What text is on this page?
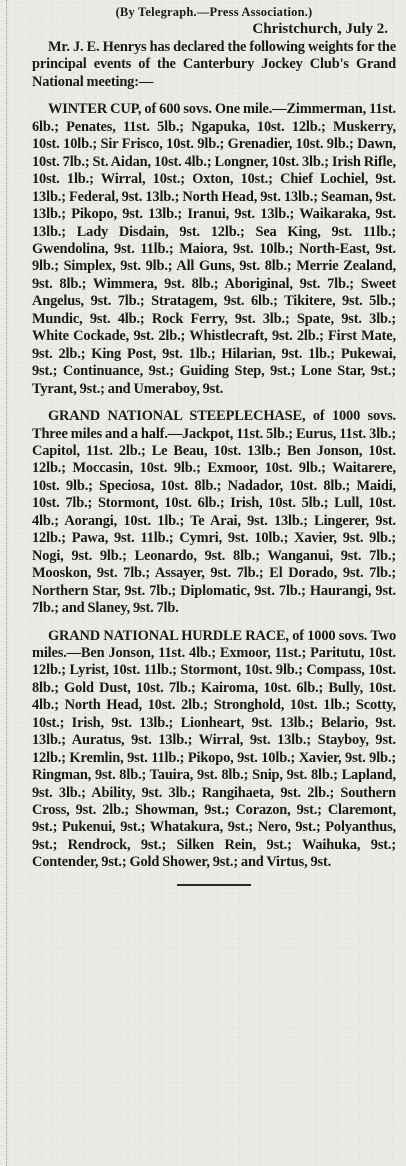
(By Telegraph.—Press Association.)
Christchurch, July 2.

Mr. J. E. Henrys has declared the following weights for the principal events of the Canterbury Jockey Club's Grand National meeting:—

WINTER CUP, of 600 sovs. One mile.—Zimmerman, 11st. 6lb.; Penates, 11st. 5lb.; Ngapuka, 10st. 12lb.; Muskerry, 10st. 10lb.; Sir Frisco, 10st. 9lb.; Grenadier, 10st. 9lb.; Dawn, 10st. 7lb.; St. Aidan, 10st. 4lb.; Longner, 10st. 3lb.; Irish Rifle, 10st. 1lb.; Wirral, 10st.; Oxton, 10st.; Chief Lochiel, 9st. 13lb.; Federal, 9st. 13lb.; North Head, 9st. 13lb.; Seaman, 9st. 13lb.; Pikopo, 9st. 13lb.; Iranui, 9st. 13lb.; Waikaraka, 9st. 13lb.; Lady Disdain, 9st. 12lb.; Sea King, 9st. 11lb.; Gwendolina, 9st. 11lb.; Maiora, 9st. 10lb.; North-East, 9st. 9lb.; Simplex, 9st. 9lb.; All Guns, 9st. 8lb.; Merrie Zealand, 9st. 8lb.; Wimmera, 9st. 8lb.; Aboriginal, 9st. 7lb.; Sweet Angelus, 9st. 7lb.; Stratagem, 9st. 6lb.; Tikitere, 9st. 5lb.; Mundic, 9st. 4lb.; Rock Ferry, 9st. 3lb.; Spate, 9st. 3lb.; White Cockade, 9st. 2lb.; Whistlecraft, 9st. 2lb.; First Mate, 9st. 2lb.; King Post, 9st. 1lb.; Hilarian, 9st. 1lb.; Pukewai, 9st.; Continuance, 9st.; Guiding Step, 9st.; Lone Star, 9st.; Tyrant, 9st.; and Umeraboy, 9st.

GRAND NATIONAL STEEPLECHASE, of 1000 sovs. Three miles and a half.—Jackpot, 11st. 5lb.; Eurus, 11st. 3lb.; Capitol, 11st. 2lb.; Le Beau, 10st. 13lb.; Ben Jonson, 10st. 12lb.; Moccasin, 10st. 9lb.; Exmoor, 10st. 9lb.; Waitarere, 10st. 9lb.; Speciosa, 10st. 8lb.; Nadador, 10st. 8lb.; Maidi, 10st. 7lb.; Stormont, 10st. 6lb.; Irish, 10st. 5lb.; Lull, 10st. 4lb.; Aorangi, 10st. 1lb.; Te Arai, 9st. 13lb.; Lingerer, 9st. 12lb.; Pawa, 9st. 11lb.; Cymri, 9st. 10lb.; Xavier, 9st. 9lb.; Nogi, 9st. 9lb.; Leonardo, 9st. 8lb.; Wanganui, 9st. 7lb.; Mooskon, 9st. 7lb.; Assayer, 9st. 7lb.; El Dorado, 9st. 7lb.; Northern Star, 9st. 7lb.; Diplomatic, 9st. 7lb.; Haurangi, 9st. 7lb.; and Slaney, 9st. 7lb.

GRAND NATIONAL HURDLE RACE, of 1000 sovs. Two miles.—Ben Jonson, 11st. 4lb.; Exmoor, 11st.; Paritutu, 10st. 12lb.; Lyrist, 10st. 11lb.; Stormont, 10st. 9lb.; Compass, 10st. 8lb.; Gold Dust, 10st. 7lb.; Kairoma, 10st. 6lb.; Bully, 10st. 4lb.; North Head, 10st. 2lb.; Stronghold, 10st. 1lb.; Scotty, 10st.; Irish, 9st. 13lb.; Lionheart, 9st. 13lb.; Belario, 9st. 13lb.; Auratus, 9st. 13lb.; Wirral, 9st. 13lb.; Stayboy, 9st. 12lb.; Kremlin, 9st. 11lb.; Pikopo, 9st. 10lb.; Xavier, 9st. 9lb.; Ringman, 9st. 8lb.; Tauira, 9st. 8lb.; Snip, 9st. 8lb.; Lapland, 9st. 3lb.; Ability, 9st. 3lb.; Rangihaeta, 9st. 2lb.; Southern Cross, 9st. 2lb.; Showman, 9st.; Corazon, 9st.; Claremont, 9st.; Pukenui, 9st.; Whatakura, 9st.; Nero, 9st.; Polyanthus, 9st.; Rendrock, 9st.; Silken Rein, 9st.; Waihuka, 9st.; Contender, 9st.; Gold Shower, 9st.; and Virtus, 9st.
